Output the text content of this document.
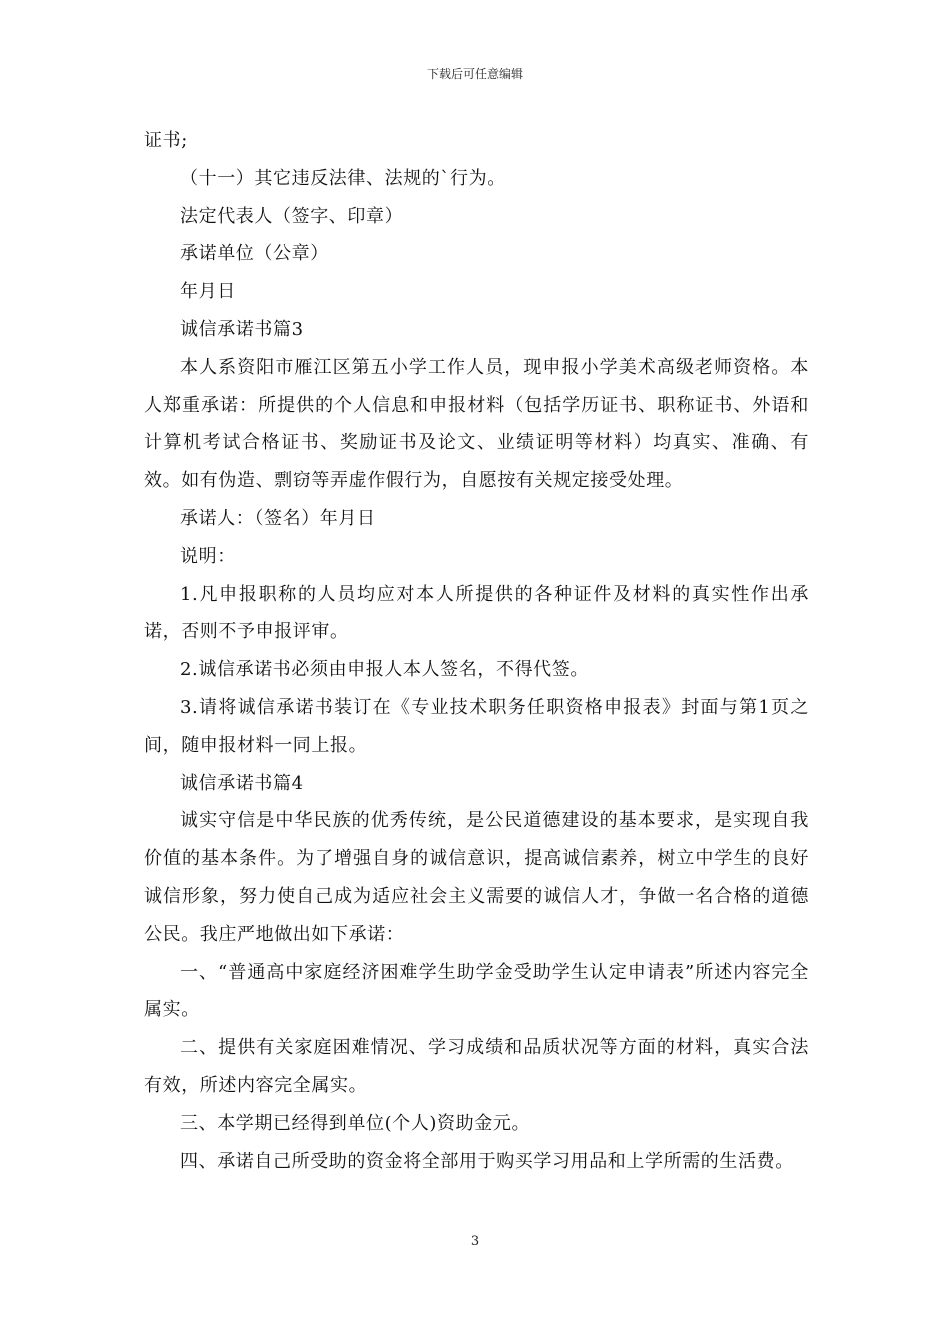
下载后可任意编辑

证书;

（十一）其它违反法律、法规的`行为。

法定代表人（签字、印章）

承诺单位（公章）

年月日

诚信承诺书篇3

本人系资阳市雁江区第五小学工作人员，现申报小学美术高级老师资格。本人郑重承诺：所提供的个人信息和申报材料（包括学历证书、职称证书、外语和计算机考试合格证书、奖励证书及论文、业绩证明等材料）均真实、准确、有效。如有伪造、剽窃等弄虚作假行为，自愿按有关规定接受处理。

承诺人：（签名）年月日

说明：

1.凡申报职称的人员均应对本人所提供的各种证件及材料的真实性作出承诺，否则不予申报评审。

2.诚信承诺书必须由申报人本人签名，不得代签。

3.请将诚信承诺书装订在《专业技术职务任职资格申报表》封面与第1页之间，随申报材料一同上报。

诚信承诺书篇4

诚实守信是中华民族的优秀传统，是公民道德建设的基本要求，是实现自我价值的基本条件。为了增强自身的诚信意识，提高诚信素养，树立中学生的良好诚信形象，努力使自己成为适应社会主义需要的诚信人才，争做一名合格的道德公民。我庄严地做出如下承诺：

一、“普通高中家庭经济困难学生助学金受助学生认定申请表”所述内容完全属实。

二、提供有关家庭困难情况、学习成绩和品质状况等方面的材料，真实合法有效，所述内容完全属实。

三、本学期已经得到单位(个人)资助金元。

四、承诺自己所受助的资金将全部用于购买学习用品和上学所需的生活费。

3
